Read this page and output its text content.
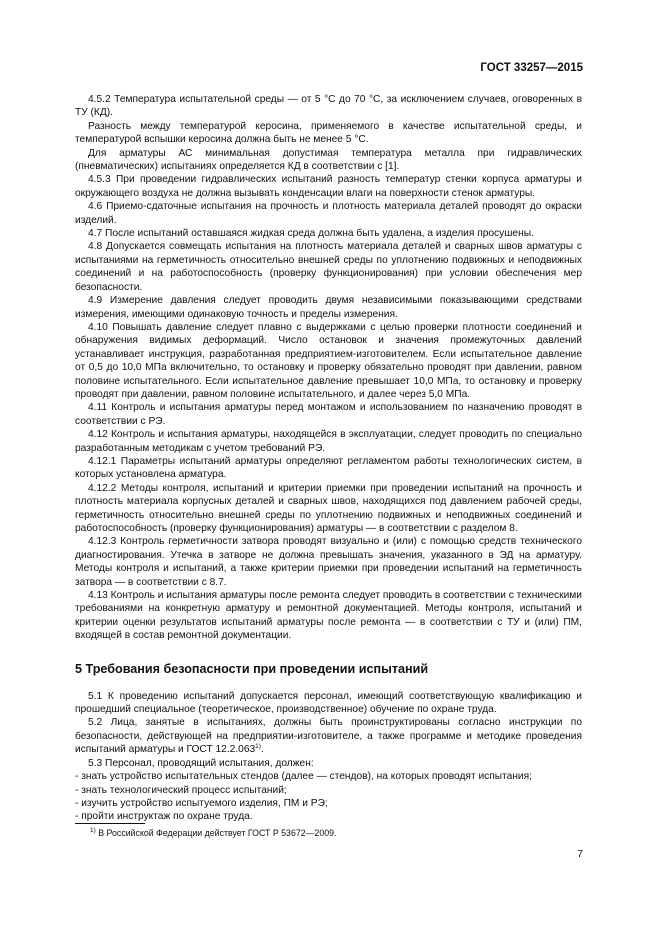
ГОСТ 33257—2015

4.5.2 Температура испытательной среды — от 5 °С до 70 °С, за исключением случаев, оговоренных в ТУ (КД).

Разность между температурой керосина, применяемого в качестве испытательной среды, и температурой вспышки керосина должна быть не менее 5 °С.

Для арматуры АС минимальная допустимая температура металла при гидравлических (пневматических) испытаниях определяется КД в соответствии с [1].

4.5.3 При проведении гидравлических испытаний разность температур стенки корпуса арматуры и окружающего воздуха не должна вызывать конденсации влаги на поверхности стенок арматуры.

4.6 Приемо-сдаточные испытания на прочность и плотность материала деталей проводят до окраски изделий.

4.7 После испытаний оставшаяся жидкая среда должна быть удалена, а изделия просушены.

4.8 Допускается совмещать испытания на плотность материала деталей и сварных швов арматуры с испытаниями на герметичность относительно внешней среды по уплотнению подвижных и неподвижных соединений и на работоспособность (проверку функционирования) при условии обеспечения мер безопасности.

4.9 Измерение давления следует проводить двумя независимыми показывающими средствами измерения, имеющими одинаковую точность и пределы измерения.

4.10 Повышать давление следует плавно с выдержками с целью проверки плотности соединений и обнаружения видимых деформаций. Число остановок и значения промежуточных давлений устанавливает инструкция, разработанная предприятием-изготовителем. Если испытательное давление от 0,5 до 10,0 МПа включительно, то остановку и проверку обязательно проводят при давлении, равном половине испытательного. Если испытательное давление превышает 10,0 МПа, то остановку и проверку проводят при давлении, равном половине испытательного, и далее через 5,0 МПа.

4.11 Контроль и испытания арматуры перед монтажом и использованием по назначению проводят в соответствии с РЭ.

4.12 Контроль и испытания арматуры, находящейся в эксплуатации, следует проводить по специально разработанным методикам с учетом требований РЭ.

4.12.1 Параметры испытаний арматуры определяют регламентом работы технологических систем, в которых установлена арматура.

4.12.2 Методы контроля, испытаний и критерии приемки при проведении испытаний на прочность и плотность материала корпусных деталей и сварных швов, находящихся под давлением рабочей среды, герметичность относительно внешней среды по уплотнению подвижных и неподвижных соединений и работоспособность (проверку функционирования) арматуры — в соответствии с разделом 8.

4.12.3 Контроль герметичности затвора проводят визуально и (или) с помощью средств технического диагностирования. Утечка в затворе не должна превышать значения, указанного в ЭД на арматуру. Методы контроля и испытаний, а также критерии приемки при проведении испытаний на герметичность затвора — в соответствии с 8.7.

4.13 Контроль и испытания арматуры после ремонта следует проводить в соответствии с техническими требованиями на конкретную арматуру и ремонтной документацией. Методы контроля, испытаний и критерии оценки результатов испытаний арматуры после ремонта — в соответствии с ТУ и (или) ПМ, входящей в состав ремонтной документации.

5 Требования безопасности при проведении испытаний

5.1 К проведению испытаний допускается персонал, имеющий соответствующую квалификацию и прошедший специальное (теоретическое, производственное) обучение по охране труда.

5.2 Лица, занятые в испытаниях, должны быть проинструктированы согласно инструкции по безопасности, действующей на предприятии-изготовителе, а также программе и методике проведения испытаний арматуры и ГОСТ 12.2.063$^{1)}$.

5.3 Персонал, проводящий испытания, должен:

- знать устройство испытательных стендов (далее — стендов), на которых проводят испытания;

- знать технологический процесс испытаний;

- изучить устройство испытуемого изделия, ПМ и РЭ;

- пройти инструктаж по охране труда.

$^{1)}$ В Российской Федерации действует ГОСТ Р 53672—2009.
7
